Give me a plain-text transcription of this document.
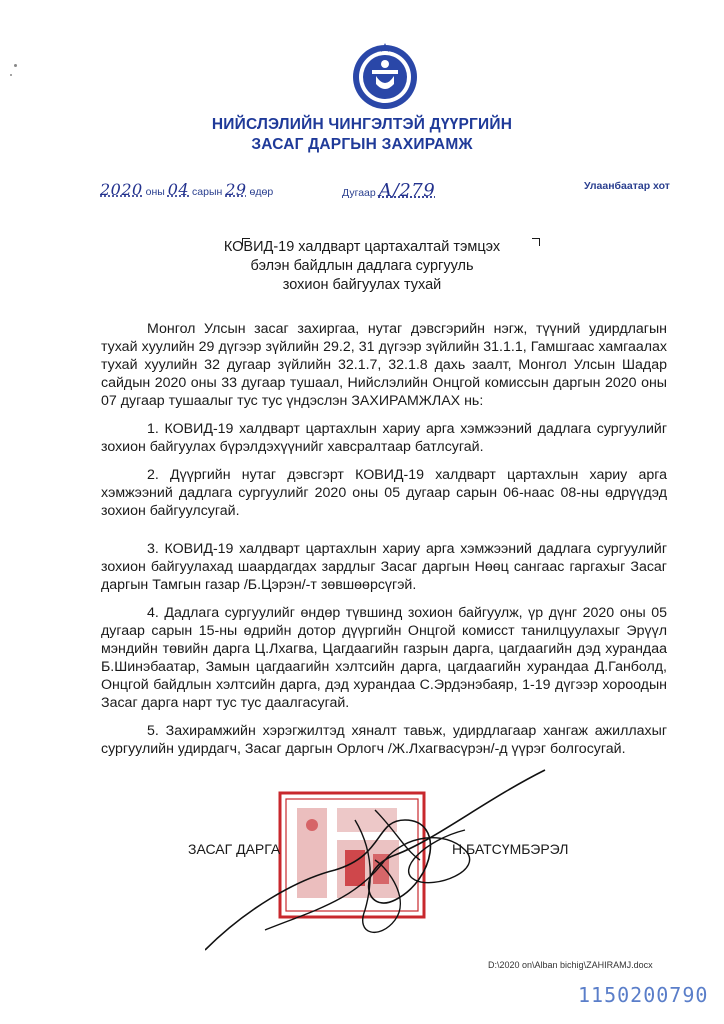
НИЙСЛЭЛИЙН ЧИНГЭЛТЭЙ ДҮҮРГИЙН
ЗАСАГ ДАРГЫН ЗАХИРАМЖ
2020 оны 04 сарын 29 өдөр	Дугаар А/279	Улаанбаатар хот
КОВИД-19 халдварт цартахалтай тэмцэх
бэлэн байдлын дадлага сургууль
зохион байгуулах тухай

Монгол Улсын засаг захиргаа, нутаг дэвсгэрийн нэгж, түүний удирдлагын тухай хуулийн 29 дүгээр зүйлийн 29.2, 31 дүгээр зүйлийн 31.1.1, Гамшгаас хамгаалах тухай хуулийн 32 дугаар зүйлийн 32.1.7, 32.1.8 дахь заалт, Монгол Улсын Шадар сайдын 2020 оны 33 дугаар тушаал, Нийслэлийн Онцгой комиссын даргын 2020 оны 07 дугаар тушаалыг тус тус үндэслэн ЗАХИРАМЖЛАХ нь:

1. КОВИД-19 халдварт цартахлын хариу арга хэмжээний дадлага сургуулийг зохион байгуулах бүрэлдэхүүнийг хавсралтаар батлсугай.

2. Дүүргийн нутаг дэвсгэрт КОВИД-19 халдварт цартахлын хариу арга хэмжээний дадлага сургуулийг 2020 оны 05 дугаар сарын 06-наас 08-ны өдрүүдэд зохион байгуулсугай.

3. КОВИД-19 халдварт цартахлын хариу арга хэмжээний дадлага сургуулийг зохион байгуулахад шаардагдах зардлыг Засаг даргын Нөөц сангаас гаргахыг Засаг даргын Тамгын газар /Б.Цэрэн/-т зөвшөөрсүгэй.

4. Дадлага сургуулийг өндөр түвшинд зохион байгуулж, үр дүнг 2020 оны 05 дугаар сарын 15-ны өдрийн дотор дүүргийн Онцгой комисст танилцуулахыг Эрүүл мэндийн төвийн дарга Ц.Лхагва, Цагдаагийн газрын дарга, цагдаагийн дэд хурандаа Б.Шинэбаатар, Замын цагдаагийн хэлтсийн дарга, цагдаагийн хурандаа Д.Ганболд, Онцгой байдлын хэлтсийн дарга, дэд хурандаа С.Эрдэнэбаяр, 1-19 дүгээр хороодын Засаг дарга нарт тус тус даалгасугай.

5. Захирамжийн хэрэгжилтэд хяналт тавьж, удирдлагаар хангаж ажиллахыг сургуулийн удирдагч, Засаг даргын Орлогч /Ж.Лхагвасүрэн/-д үүрэг болгосугай.

ЗАСАГ ДАРГА	Н.БАТСҮМБЭРЭЛ
D:\2020 on\Alban bichig\ZAHIRAMJ.docx
1150200790
